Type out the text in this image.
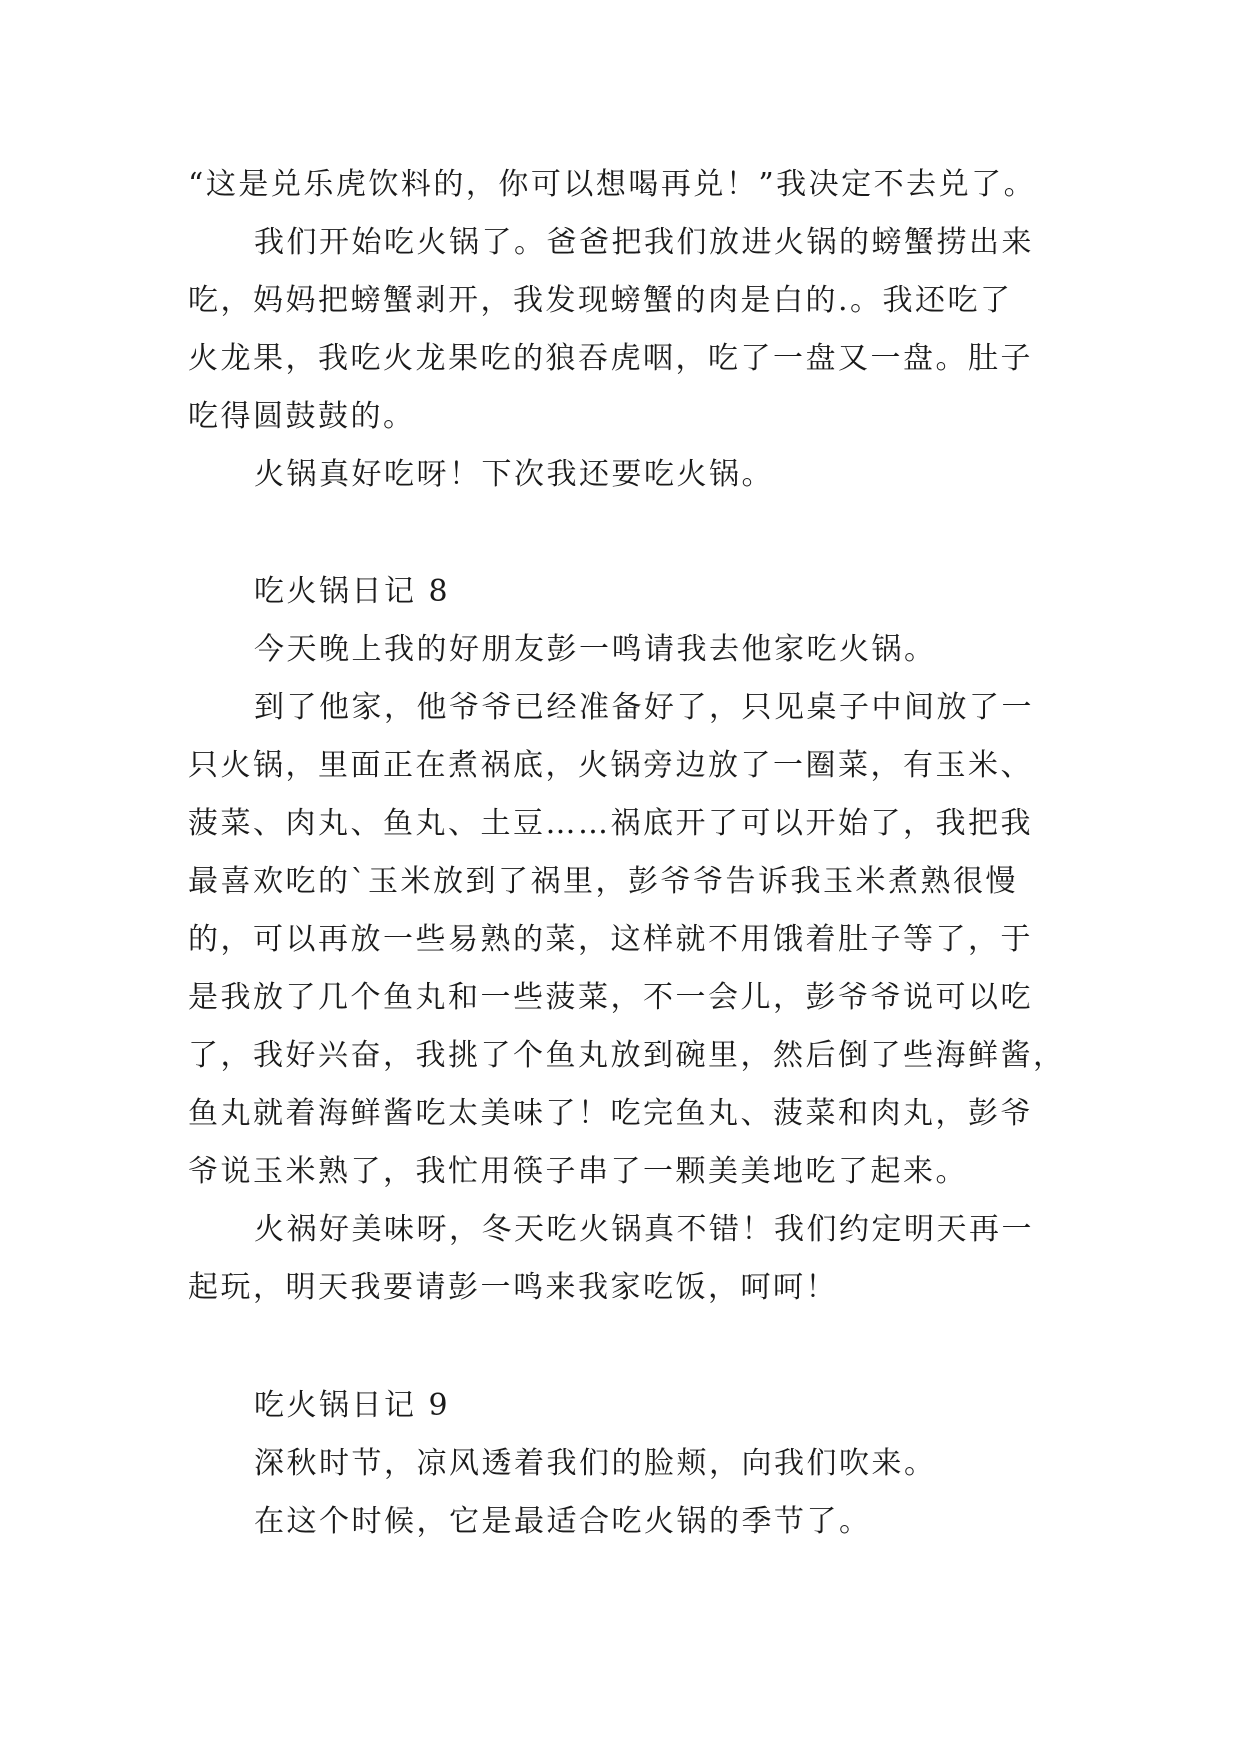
“这是兑乐虎饮料的，你可以想喝再兑！”我决定不去兑了。
我们开始吃火锅了。爸爸把我们放进火锅的螃蟹捞出来
吃，妈妈把螃蟹剥开，我发现螃蟹的肉是白的.。我还吃了
火龙果，我吃火龙果吃的狼吞虎咽，吃了一盘又一盘。肚子
吃得圆鼓鼓的。
火锅真好吃呀！下次我还要吃火锅。
吃火锅日记 8
今天晚上我的好朋友彭一鸣请我去他家吃火锅。
到了他家，他爷爷已经准备好了，只见桌子中间放了一
只火锅，里面正在煮祸底，火锅旁边放了一圈菜，有玉米、
菠菜、肉丸、鱼丸、土豆……祸底开了可以开始了，我把我
最喜欢吃的`玉米放到了祸里，彭爷爷告诉我玉米煮熟很慢
的，可以再放一些易熟的菜，这样就不用饿着肚子等了，于
是我放了几个鱼丸和一些菠菜，不一会儿，彭爷爷说可以吃
了，我好兴奋，我挑了个鱼丸放到碗里，然后倒了些海鲜酱，
鱼丸就着海鲜酱吃太美味了！吃完鱼丸、菠菜和肉丸，彭爷
爷说玉米熟了，我忙用筷子串了一颗美美地吃了起来。
火祸好美味呀，冬天吃火锅真不错！我们约定明天再一
起玩，明天我要请彭一鸣来我家吃饭，呵呵！
吃火锅日记 9
深秋时节，凉风透着我们的脸颊，向我们吹来。
在这个时候，它是最适合吃火锅的季节了。
